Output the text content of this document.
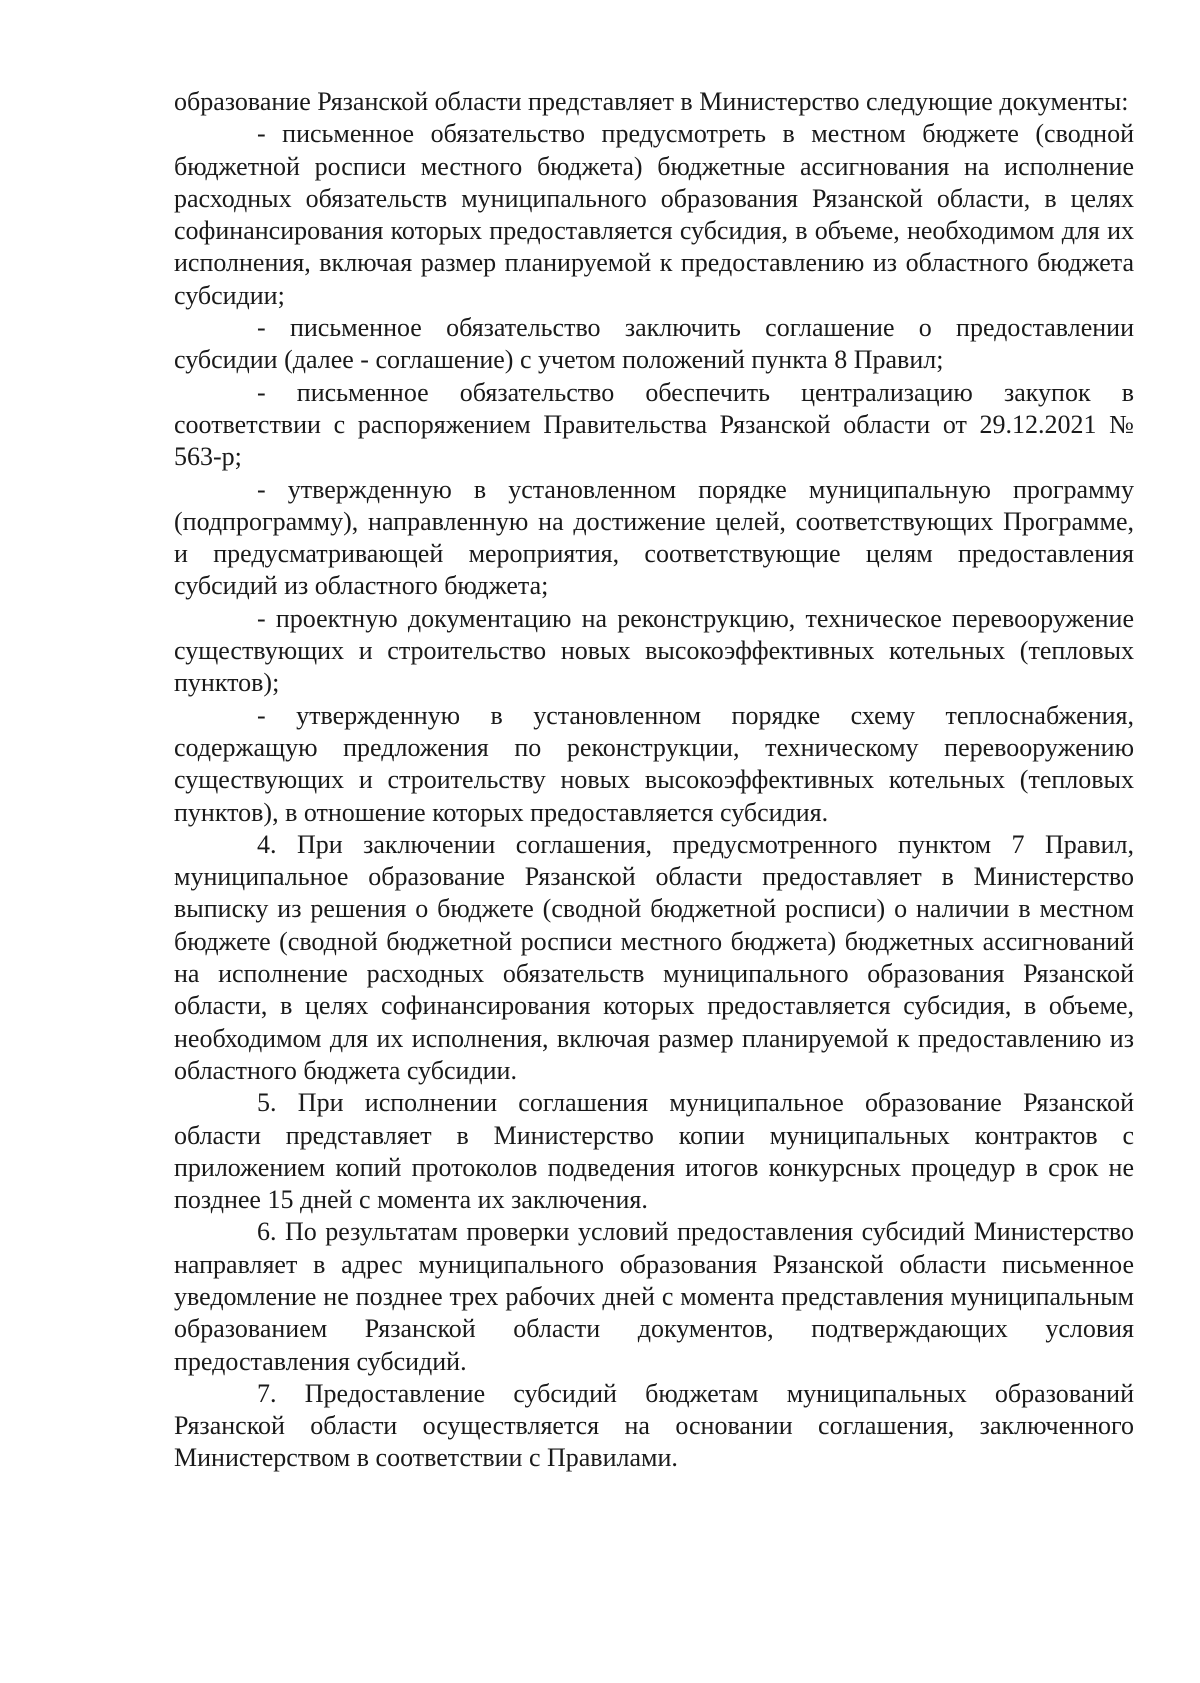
образование Рязанской области представляет в Министерство следующие документы:

- письменное обязательство предусмотреть в местном бюджете (сводной бюджетной росписи местного бюджета) бюджетные ассигнования на исполнение расходных обязательств муниципального образования Рязанской области, в целях софинансирования которых предоставляется субсидия, в объеме, необходимом для их исполнения, включая размер планируемой к предоставлению из областного бюджета субсидии;

- письменное обязательство заключить соглашение о предоставлении субсидии (далее - соглашение) с учетом положений пункта 8 Правил;

- письменное обязательство обеспечить централизацию закупок в соответствии с распоряжением Правительства Рязанской области от 29.12.2021 № 563-р;

- утвержденную в установленном порядке муниципальную программу (подпрограмму), направленную на достижение целей, соответствующих Программе, и предусматривающей мероприятия, соответствующие целям предоставления субсидий из областного бюджета;

- проектную документацию на реконструкцию, техническое перевооружение существующих и строительство новых высокоэффективных котельных (тепловых пунктов);

- утвержденную в установленном порядке схему теплоснабжения, содержащую предложения по реконструкции, техническому перевооружению существующих и строительству новых высокоэффективных котельных (тепловых пунктов), в отношение которых предоставляется субсидия.

4. При заключении соглашения, предусмотренного пунктом 7 Правил, муниципальное образование Рязанской области предоставляет в Министерство выписку из решения о бюджете (сводной бюджетной росписи) о наличии в местном бюджете (сводной бюджетной росписи местного бюджета) бюджетных ассигнований на исполнение расходных обязательств муниципального образования Рязанской области, в целях софинансирования которых предоставляется субсидия, в объеме, необходимом для их исполнения, включая размер планируемой к предоставлению из областного бюджета субсидии.

5. При исполнении соглашения муниципальное образование Рязанской области представляет в Министерство копии муниципальных контрактов с приложением копий протоколов подведения итогов конкурсных процедур в срок не позднее 15 дней с момента их заключения.

6. По результатам проверки условий предоставления субсидий Министерство направляет в адрес муниципального образования Рязанской области письменное уведомление не позднее трех рабочих дней с момента представления муниципальным образованием Рязанской области документов, подтверждающих условия предоставления субсидий.

7. Предоставление субсидий бюджетам муниципальных образований Рязанской области осуществляется на основании соглашения, заключенного Министерством в соответствии с Правилами.
